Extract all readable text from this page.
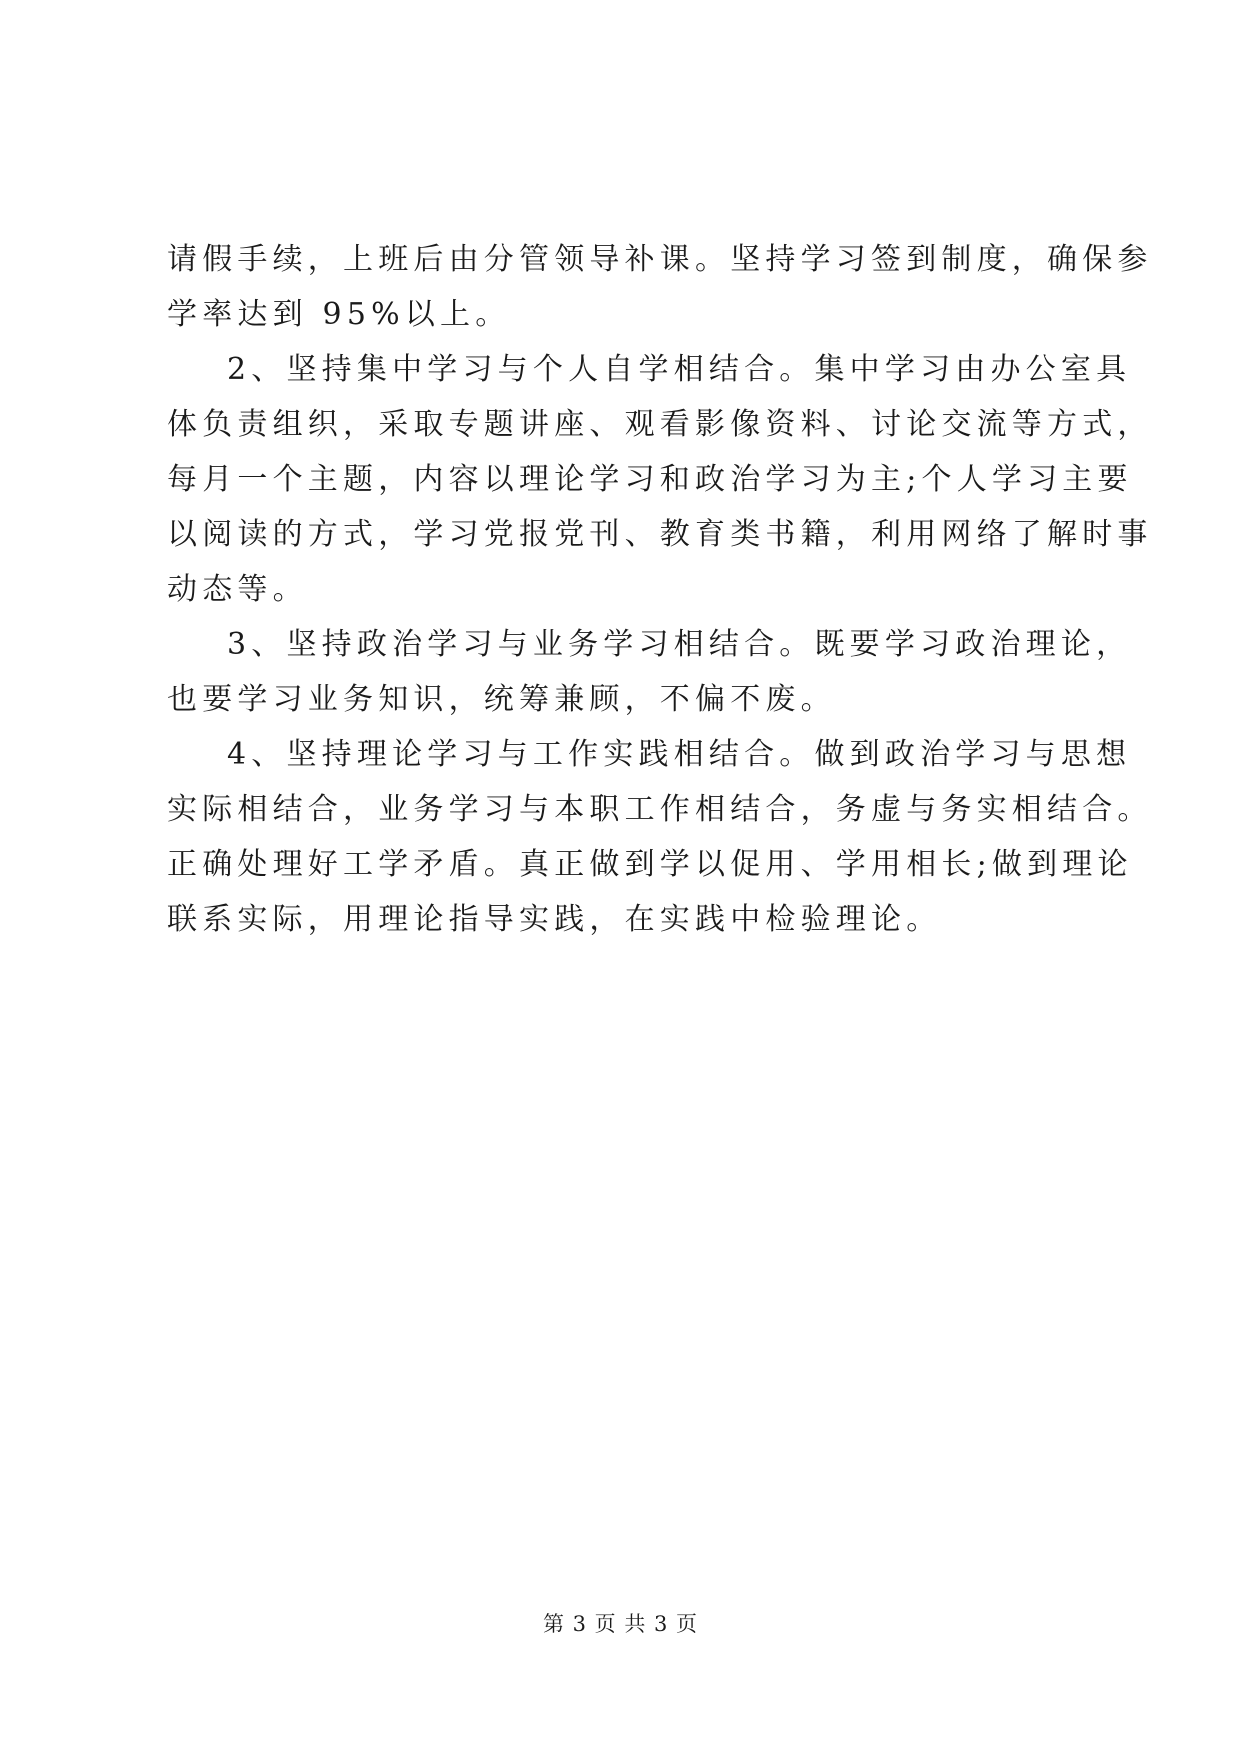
请假手续，上班后由分管领导补课。坚持学习签到制度，确保参
学率达到 95%以上。
2、坚持集中学习与个人自学相结合。集中学习由办公室具
体负责组织，采取专题讲座、观看影像资料、讨论交流等方式，
每月一个主题，内容以理论学习和政治学习为主;个人学习主要
以阅读的方式，学习党报党刊、教育类书籍，利用网络了解时事
动态等。
3、坚持政治学习与业务学习相结合。既要学习政治理论，
也要学习业务知识，统筹兼顾，不偏不废。
4、坚持理论学习与工作实践相结合。做到政治学习与思想
实际相结合，业务学习与本职工作相结合，务虚与务实相结合。
正确处理好工学矛盾。真正做到学以促用、学用相长;做到理论
联系实际，用理论指导实践，在实践中检验理论。
第 3 页 共 3 页
